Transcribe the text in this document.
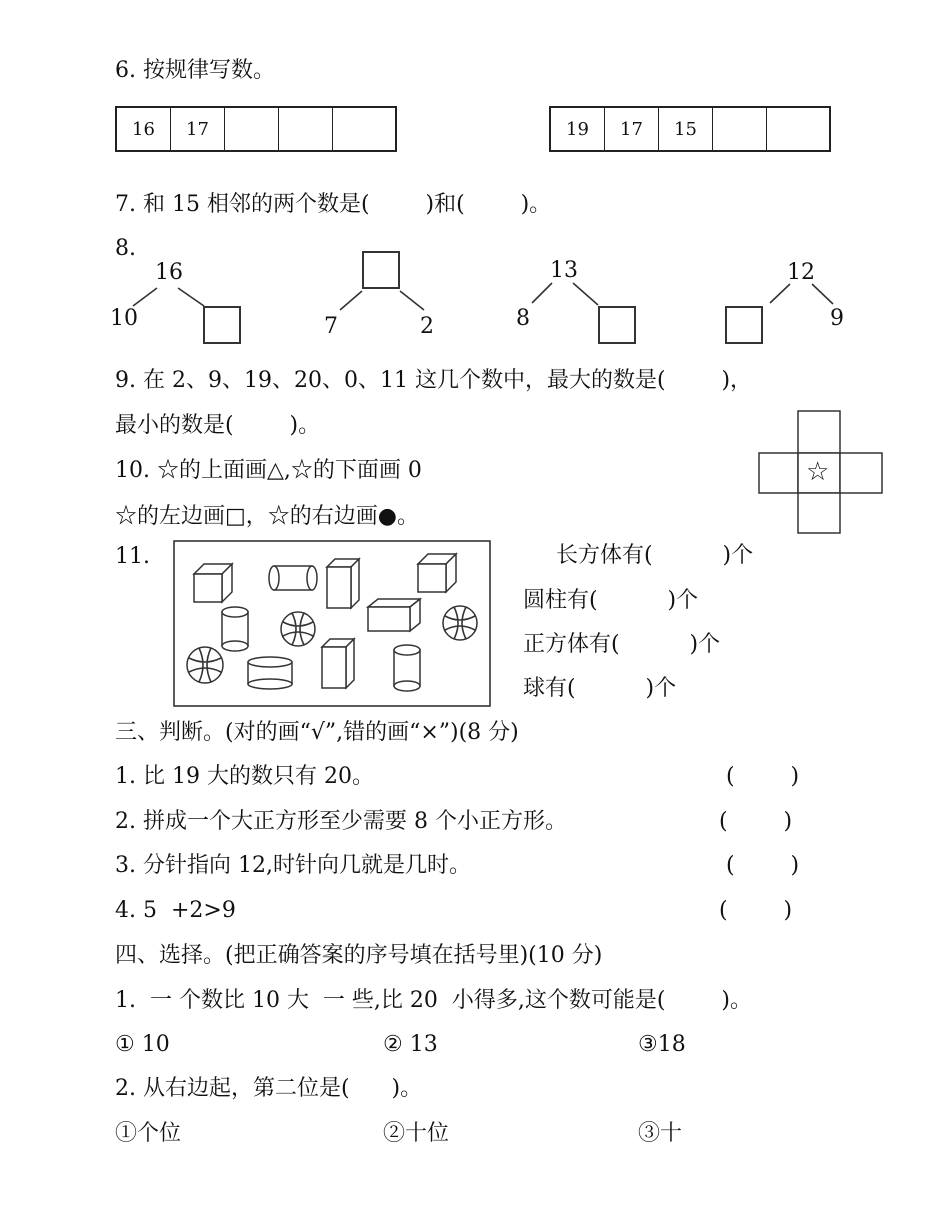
6. 按规律写数。
16	17	19	17	15
7. 和 15 相邻的两个数是(        )和(        )。
8.
16
10	7	2
13
8
12
9
9. 在 2、9、19、20、0、11 这几个数中，最大的数是(        )，
最小的数是(        )。
10. ☆的上面画△,☆的下面画 0
☆的左边画□，☆的右边画●。
☆
11.	长方体有(          )个
圆柱有(          )个
正方体有(          )个
球有(          )个
三、判断。(对的画“√”,错的画“×”)(8 分)
1. 比 19 大的数只有 20。	(        )
2. 拼成一个大正方形至少需要 8 个小正方形。	(        )
3. 分针指向 12,时针向几就是几时。	(        )
4. 5  +2>9	(        )
四、选择。(把正确答案的序号填在括号里)(10 分)
1.  一 个数比 10 大  一 些,比 20  小得多,这个数可能是(        )。
① 10	② 13	③18
2. 从右边起，第二位是(      )。
①个位	②十位	③十
